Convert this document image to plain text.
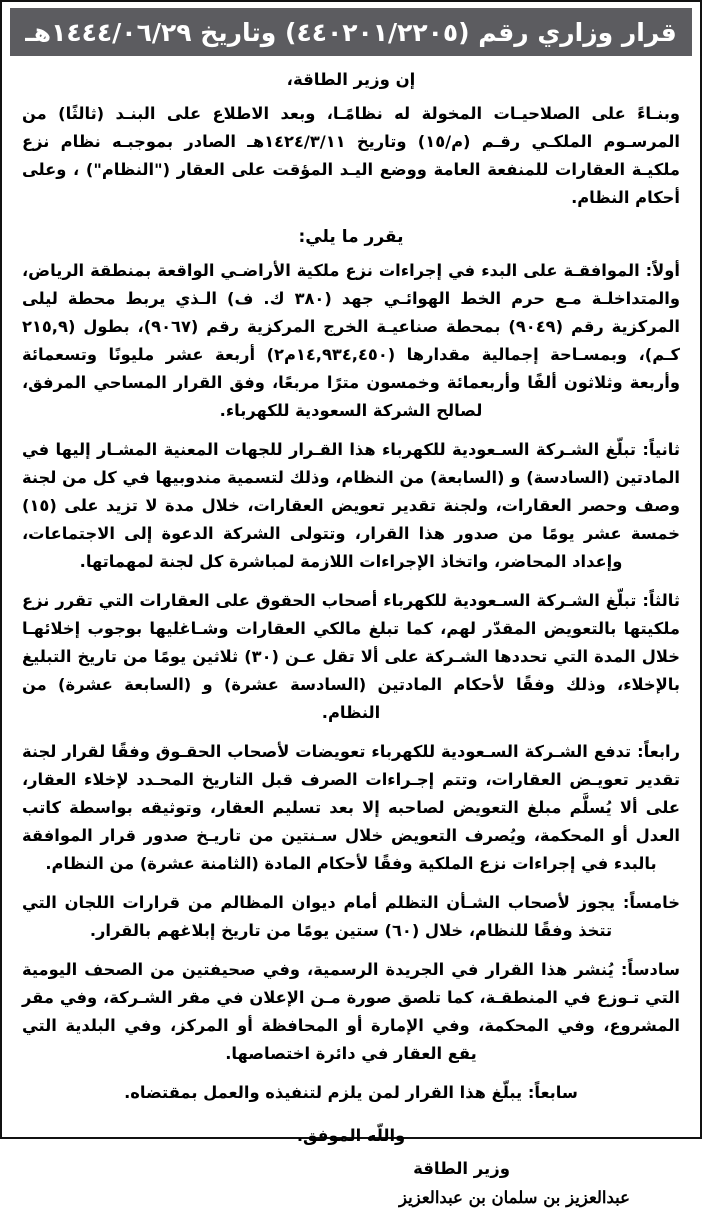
قرار وزاري رقم (٤٤٠٢٠١/٢٢٠٥) وتاريخ ١٤٤٤/٠٦/٢٩هـ
إن وزير الطاقة،

وبنـاءً على الصلاحيـات المخولة له نظامًـا، وبعد الاطلاع على البنـد (ثالثًا) من المرسـوم الملكـي رقـم (م/١٥) وتاريخ ١٤٢٤/٣/١١هـ الصادر بموجبـه نظام نزع ملكيـة العقارات للمنفعة العامة ووضع اليـد المؤقت على العقار ("النظام") ، وعلى أحكام النظام.

يقرر ما يلي:

أولاً: الموافقـة على البدء في إجراءات نزع ملكية الأراضـي الواقعة بمنطقة الرياض، والمتداخلـة مـع حرم الخط الهوائـي جهد (٣٨٠ ك. ف) الـذي يربط محطة ليلى المركزية رقم (٩٠٤٩) بمحطة صناعيـة الخرج المركزية رقم (٩٠٦٧)، بطول (٢١٥,٩ كـم)، وبمسـاحة إجمالية مقدارها (١٤,٩٣٤,٤٥٠م٢) أربعة عشر مليونًا وتسعمائة وأربعة وثلاثون ألفًا وأربعمائة وخمسون مترًا مربعًا، وفق القرار المساحي المرفق، لصالح الشركة السعودية للكهرباء.

ثانياً: تبلّغ الشـركة السـعودية للكهرباء هذا القـرار للجهات المعنية المشـار إليها في المادتين (السادسة) و (السابعة) من النظام، وذلك لتسمية مندوبيها في كل من لجنة وصف وحصر العقارات، ولجنة تقدير تعويض العقارات، خلال مدة لا تزيد على (١٥) خمسة عشر يومًا من صدور هذا القرار، وتتولى الشركة الدعوة إلى الاجتماعات، وإعداد المحاضر، واتخاذ الإجراءات اللازمة لمباشرة كل لجنة لمهماتها.

ثالثاً: تبلّغ الشـركة السـعودية للكهرباء أصحاب الحقوق على العقارات التي تقرر نزع ملكيتها بالتعويض المقدّر لهم، كما تبلغ مالكي العقارات وشـاغليها بوجوب إخلائهـا خلال المدة التي تحددها الشـركة على ألا تقل عـن (٣٠) ثلاثين يومًا من تاريخ التبليغ بالإخلاء، وذلك وفقًا لأحكام المادتين (السادسة عشرة) و (السابعة عشرة) من النظام.

رابعاً: تدفع الشـركة السـعودية للكهرباء تعويضات لأصحاب الحقـوق وفقًا لقرار لجنة تقدير تعويـض العقارات، وتتم إجـراءات الصرف قبل التاريخ المحـدد لإخلاء العقار، على ألا يُسلَّم مبلغ التعويض لصاحبه إلا بعد تسليم العقار، وتوثيقه بواسطة كاتب العدل أو المحكمة، ويُصرف التعويض خلال سـنتين من تاريـخ صدور قرار الموافقة بالبدء في إجراءات نزع الملكية وفقًا لأحكام المادة (الثامنة عشرة) من النظام.

خامساً: يجوز لأصحاب الشـأن التظلم أمام ديوان المظالم من قرارات اللجان التي تتخذ وفقًا للنظام، خلال (٦٠) ستين يومًا من تاريخ إبلاغهم بالقرار.

سادساً: يُنشر هذا القرار في الجريدة الرسمية، وفي صحيفتين من الصحف اليومية التي تـوزع في المنطقـة، كما تلصق صورة مـن الإعلان في مقر الشـركة، وفي مقر المشروع، وفي المحكمة، وفي الإمارة أو المحافظة أو المركز، وفي البلدية التي يقع العقار في دائرة اختصاصها.

سابعاً: يبلّغ هذا القرار لمن يلزم لتنفيذه والعمل بمقتضاه.

واللّه الموفق.
وزير الطاقة
عبدالعزيز بن سلمان بن عبدالعزيز
